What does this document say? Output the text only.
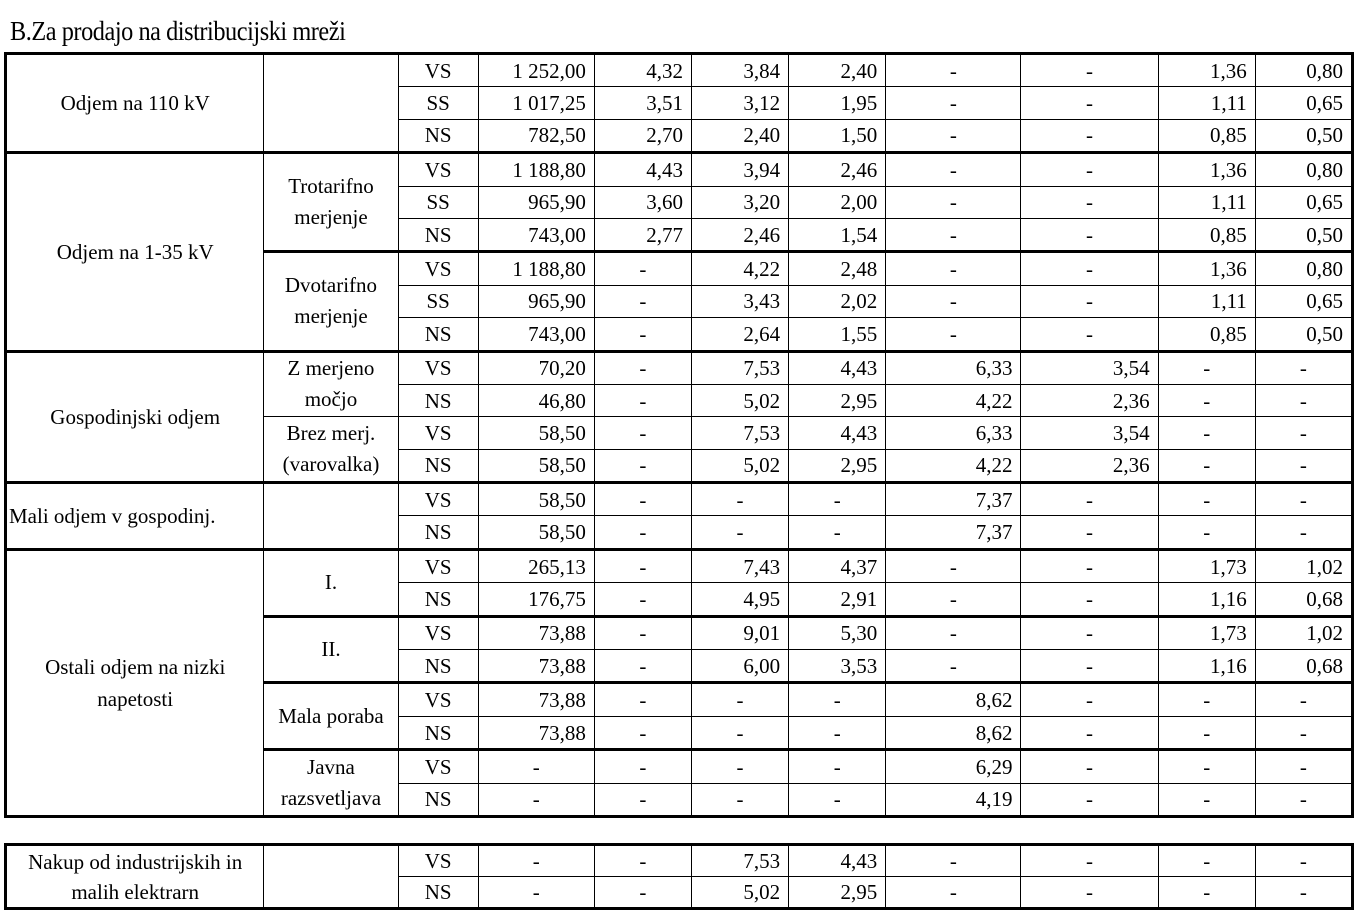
B.Za prodajo na distribucijski mreži
Odjem na 110 kV		VS	1 252,00	4,32	3,84	2,40	-	-	1,36	0,80
		SS	1 017,25	3,51	3,12	1,95	-	-	1,11	0,65
		NS	782,50	2,70	2,40	1,50	-	-	0,85	0,50
Odjem na 1-35 kV	Trotarifno merjenje	VS	1 188,80	4,43	3,94	2,46	-	-	1,36	0,80
		SS	965,90	3,60	3,20	2,00	-	-	1,11	0,65
		NS	743,00	2,77	2,46	1,54	-	-	0,85	0,50
	Dvotarifno merjenje	VS	1 188,80	-	4,22	2,48	-	-	1,36	0,80
		SS	965,90	-	3,43	2,02	-	-	1,11	0,65
		NS	743,00	-	2,64	1,55	-	-	0,85	0,50
Gospodinjski odjem	Z merjeno močjo	VS	70,20	-	7,53	4,43	6,33	3,54	-	-
		NS	46,80	-	5,02	2,95	4,22	2,36	-	-
	Brez merj. (varovalka)	VS	58,50	-	7,53	4,43	6,33	3,54	-	-
		NS	58,50	-	5,02	2,95	4,22	2,36	-	-
Mali odjem v gospodinj.		VS	58,50	-	-	-	7,37	-	-	-
		NS	58,50	-	-	-	7,37	-	-	-
Ostali odjem na nizki napetosti	I.	VS	265,13	-	7,43	4,37	-	-	1,73	1,02
		NS	176,75	-	4,95	2,91	-	-	1,16	0,68
	II.	VS	73,88	-	9,01	5,30	-	-	1,73	1,02
		NS	73,88	-	6,00	3,53	-	-	1,16	0,68
	Mala poraba	VS	73,88	-	-	-	8,62	-	-	-
		NS	73,88	-	-	-	8,62	-	-	-
	Javna razsvetljava	VS	-	-	-	-	6,29	-	-	-
		NS	-	-	-	-	4,19	-	-	-
Nakup od industrijskih in malih elektrarn		VS	-	-	7,53	4,43	-	-	-	-
		NS	-	-	5,02	2,95	-	-	-	-
